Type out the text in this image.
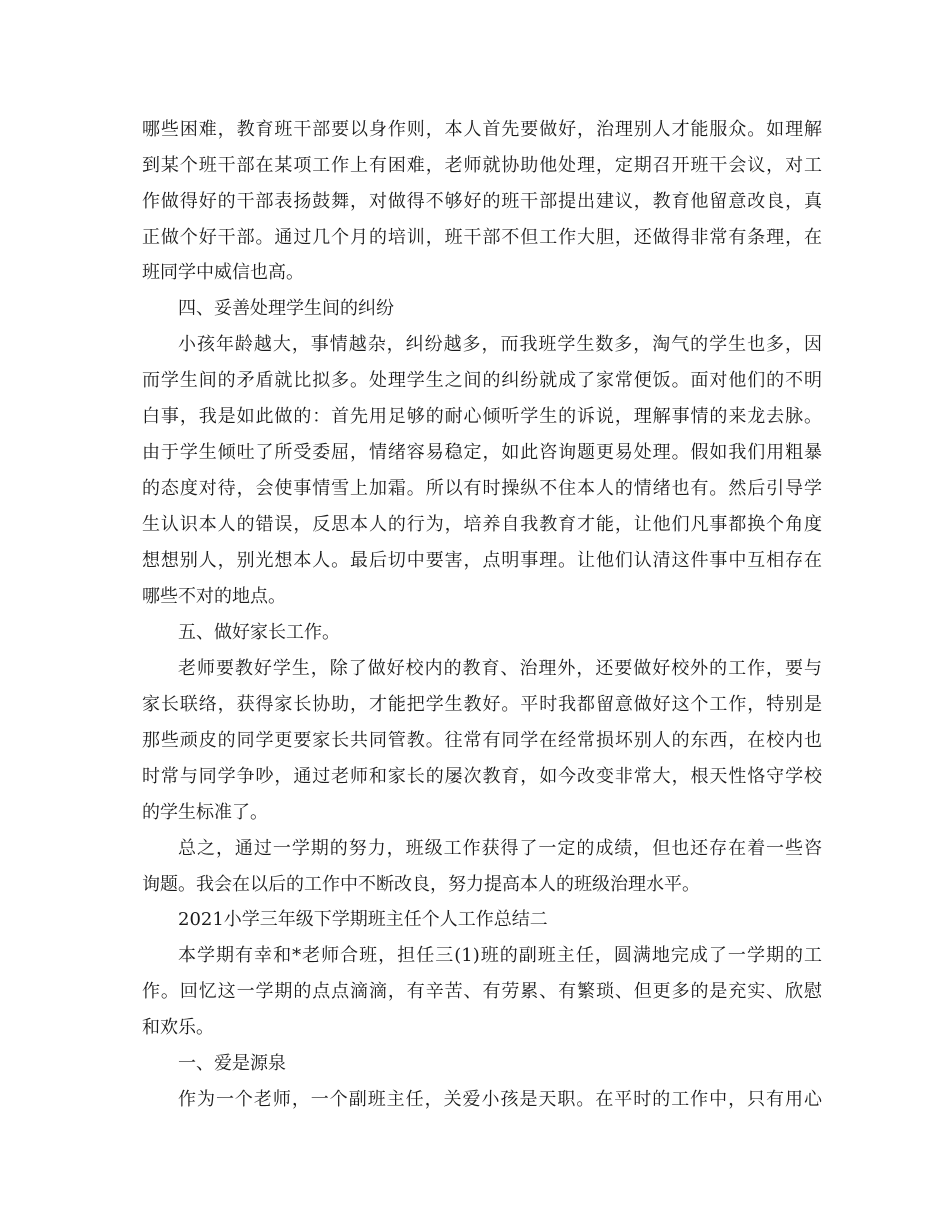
哪些困难，教育班干部要以身作则，本人首先要做好，治理别人才能服众。如理解
到某个班干部在某项工作上有困难，老师就协助他处理，定期召开班干会议，对工
作做得好的干部表扬鼓舞，对做得不够好的班干部提出建议，教育他留意改良，真
正做个好干部。通过几个月的培训，班干部不但工作大胆，还做得非常有条理，在
班同学中威信也高。
四、妥善处理学生间的纠纷
小孩年龄越大，事情越杂，纠纷越多，而我班学生数多，淘气的学生也多，因
而学生间的矛盾就比拟多。处理学生之间的纠纷就成了家常便饭。面对他们的不明
白事，我是如此做的：首先用足够的耐心倾听学生的诉说，理解事情的来龙去脉。
由于学生倾吐了所受委屈，情绪容易稳定，如此咨询题更易处理。假如我们用粗暴
的态度对待，会使事情雪上加霜。所以有时操纵不住本人的情绪也有。然后引导学
生认识本人的错误，反思本人的行为，培养自我教育才能，让他们凡事都换个角度
想想别人，别光想本人。最后切中要害，点明事理。让他们认清这件事中互相存在
哪些不对的地点。
五、做好家长工作。
老师要教好学生，除了做好校内的教育、治理外，还要做好校外的工作，要与
家长联络，获得家长协助，才能把学生教好。平时我都留意做好这个工作，特别是
那些顽皮的同学更要家长共同管教。往常有同学在经常损坏别人的东西，在校内也
时常与同学争吵，通过老师和家长的屡次教育，如今改变非常大，根天性恪守学校
的学生标准了。
总之，通过一学期的努力，班级工作获得了一定的成绩，但也还存在着一些咨
询题。我会在以后的工作中不断改良，努力提高本人的班级治理水平。
2021小学三年级下学期班主任个人工作总结二
本学期有幸和*老师合班，担任三(1)班的副班主任，圆满地完成了一学期的工
作。回忆这一学期的点点滴滴，有辛苦、有劳累、有繁琐、但更多的是充实、欣慰
和欢乐。
一、爱是源泉
作为一个老师，一个副班主任，关爱小孩是天职。在平时的工作中，只有用心
